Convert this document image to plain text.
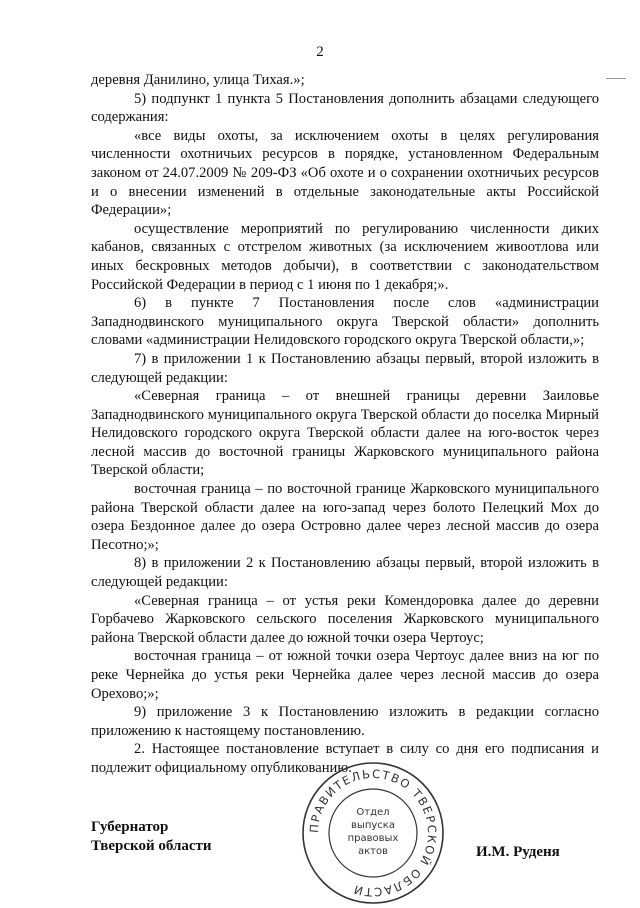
2

деревня Данилино, улица Тихая.»;

5) подпункт 1 пункта 5 Постановления дополнить абзацами следующего содержания:

«все виды охоты, за исключением охоты в целях регулирования численности охотничьих ресурсов в порядке, установленном Федеральным законом от 24.07.2009 № 209-ФЗ «Об охоте и о сохранении охотничьих ресурсов и о внесении изменений в отдельные законодательные акты Российской Федерации»;

осуществление мероприятий по регулированию численности диких кабанов, связанных с отстрелом животных (за исключением живоотлова или иных бескровных методов добычи), в соответствии с законодательством Российской Федерации в период с 1 июня по 1 декабря;».

6) в пункте 7 Постановления после слов «администрации Западнодвинского муниципального округа Тверской области» дополнить словами «администрации Нелидовского городского округа Тверской области,»;

7) в приложении 1 к Постановлению абзацы первый, второй изложить в следующей редакции:

«Северная граница – от внешней границы деревни Заиловье Западнодвинского муниципального округа Тверской области до поселка Мирный Нелидовского городского округа Тверской области далее на юго-восток через лесной массив до восточной границы Жарковского муниципального района Тверской области;

восточная граница – по восточной границе Жарковского муниципального района Тверской области далее на юго-запад через болото Пелецкий Мох до озера Бездонное далее до озера Островно далее через лесной массив до озера Песотно;»;

8) в приложении 2 к Постановлению абзацы первый, второй изложить в следующей редакции:

«Северная граница – от устья реки Комендоровка далее до деревни Горбачево Жарковского сельского поселения Жарковского муниципального района Тверской области далее до южной точки озера Чертоус;

восточная граница – от южной точки озера Чертоус далее вниз на юг по реке Чернейка до устья реки Чернейка далее через лесной массив до озера Орехово;»;

9) приложение 3 к Постановлению изложить в редакции согласно приложению к настоящему постановлению.

2. Настоящее постановление вступает в силу со дня его подписания и подлежит официальному опубликованию.

Губернатор
Тверской области
ПРАВИТЕЛЬСТВО ТВЕРСКОЙ ОБЛАСТИ
Отдел
выпуска
правовых
актов	И.М. Руденя
